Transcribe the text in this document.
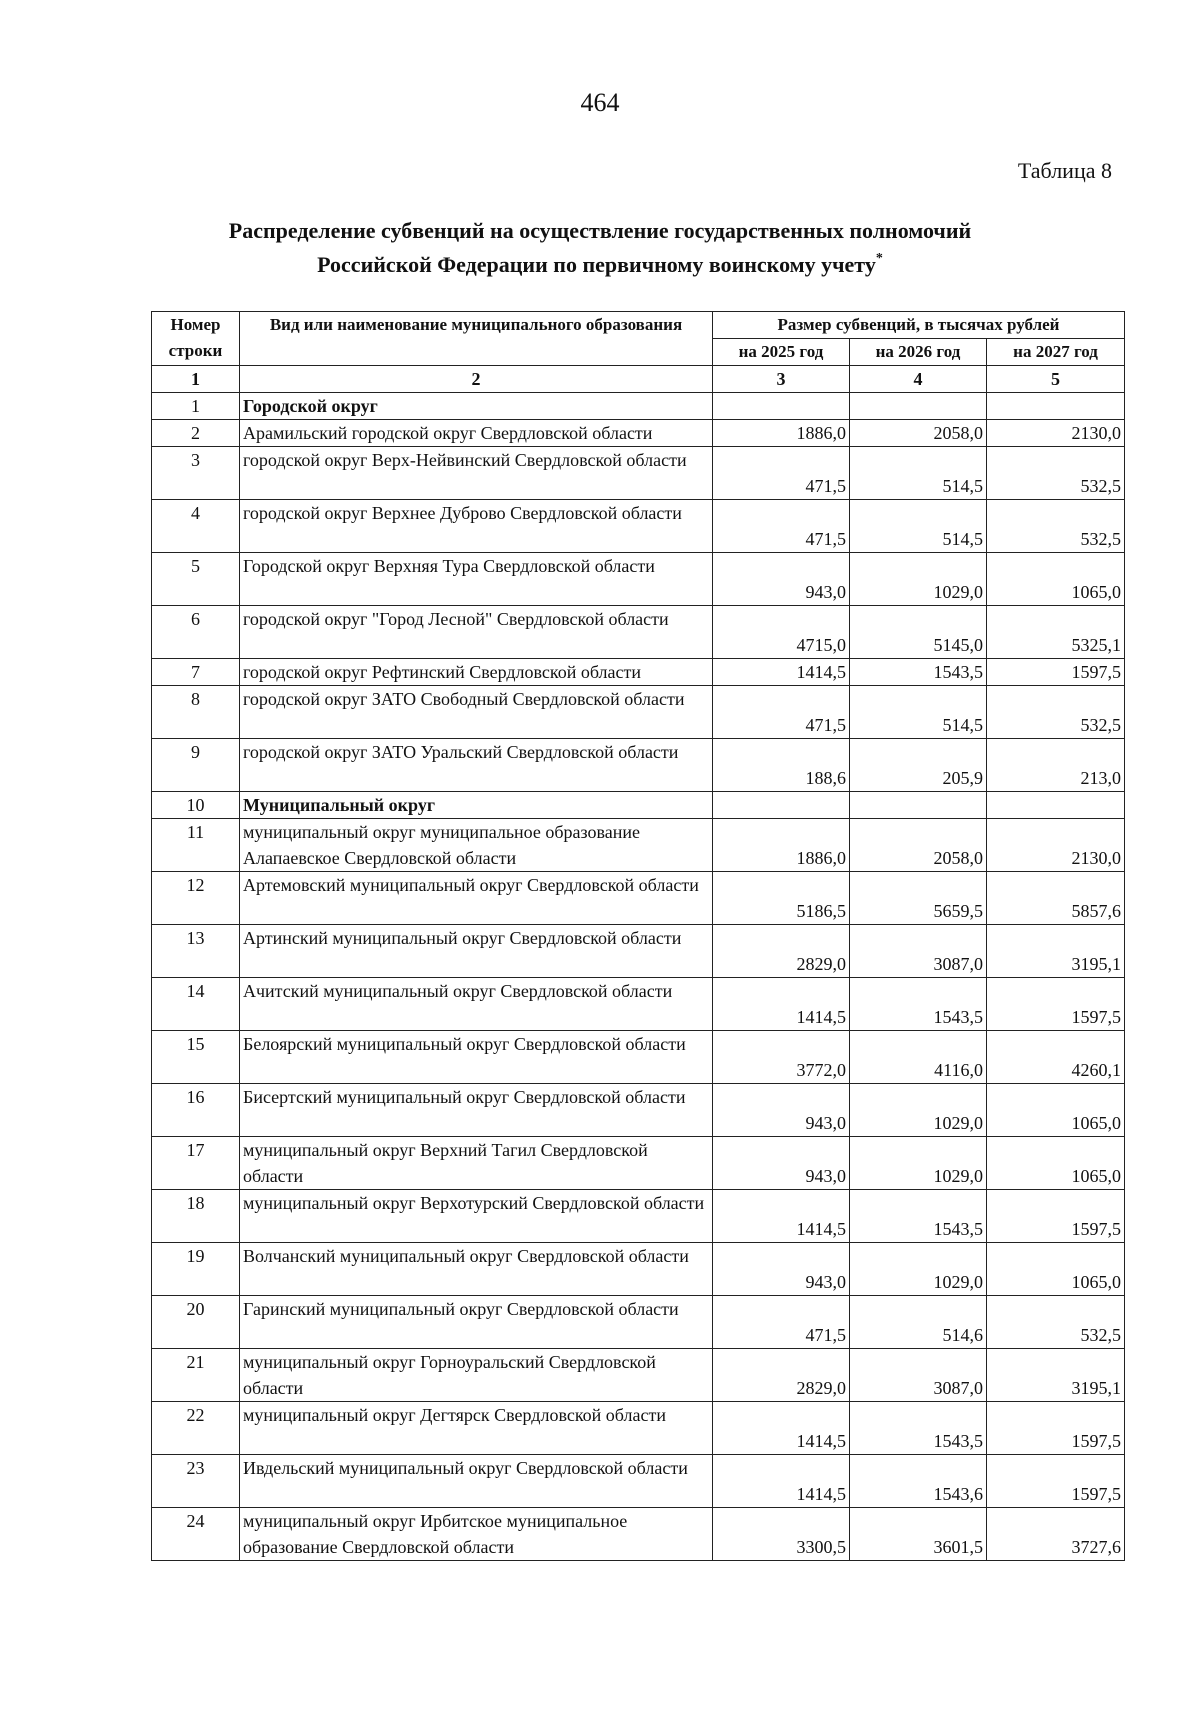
464
Таблица 8
Распределение субвенций на осуществление государственных полномочий
Российской Федерации по первичному воинскому учету*
Номер строки	Вид или наименование муниципального образования	Размер субвенций, в тысячах рублей		
		на 2025 год	на 2026 год	на 2027 год
1	2	3	4	5
1	Городской округ			
2	Арамильский городской округ Свердловской области	1886,0	2058,0	2130,0
3	городской округ Верх-Нейвинский Свердловской области	471,5	514,5	532,5
4	городской округ Верхнее Дуброво Свердловской области	471,5	514,5	532,5
5	Городской округ Верхняя Тура Свердловской области	943,0	1029,0	1065,0
6	городской округ "Город Лесной" Свердловской области	4715,0	5145,0	5325,1
7	городской округ Рефтинский Свердловской области	1414,5	1543,5	1597,5
8	городской округ ЗАТО Свободный Свердловской области	471,5	514,5	532,5
9	городской округ ЗАТО Уральский Свердловской области	188,6	205,9	213,0
10	Муниципальный округ			
11	муниципальный округ муниципальное образование Алапаевское Свердловской области	1886,0	2058,0	2130,0
12	Артемовский муниципальный округ Свердловской области	5186,5	5659,5	5857,6
13	Артинский муниципальный округ Свердловской области	2829,0	3087,0	3195,1
14	Ачитский муниципальный округ Свердловской области	1414,5	1543,5	1597,5
15	Белоярский муниципальный округ Свердловской области	3772,0	4116,0	4260,1
16	Бисертский муниципальный округ Свердловской области	943,0	1029,0	1065,0
17	муниципальный округ Верхний Тагил Свердловской области	943,0	1029,0	1065,0
18	муниципальный округ Верхотурский Свердловской области	1414,5	1543,5	1597,5
19	Волчанский муниципальный округ Свердловской области	943,0	1029,0	1065,0
20	Гаринский муниципальный округ Свердловской области	471,5	514,6	532,5
21	муниципальный округ Горноуральский Свердловской области	2829,0	3087,0	3195,1
22	муниципальный округ Дегтярск Свердловской области	1414,5	1543,5	1597,5
23	Ивдельский муниципальный округ Свердловской области	1414,5	1543,6	1597,5
24	муниципальный округ Ирбитское муниципальное образование Свердловской области	3300,5	3601,5	3727,6
